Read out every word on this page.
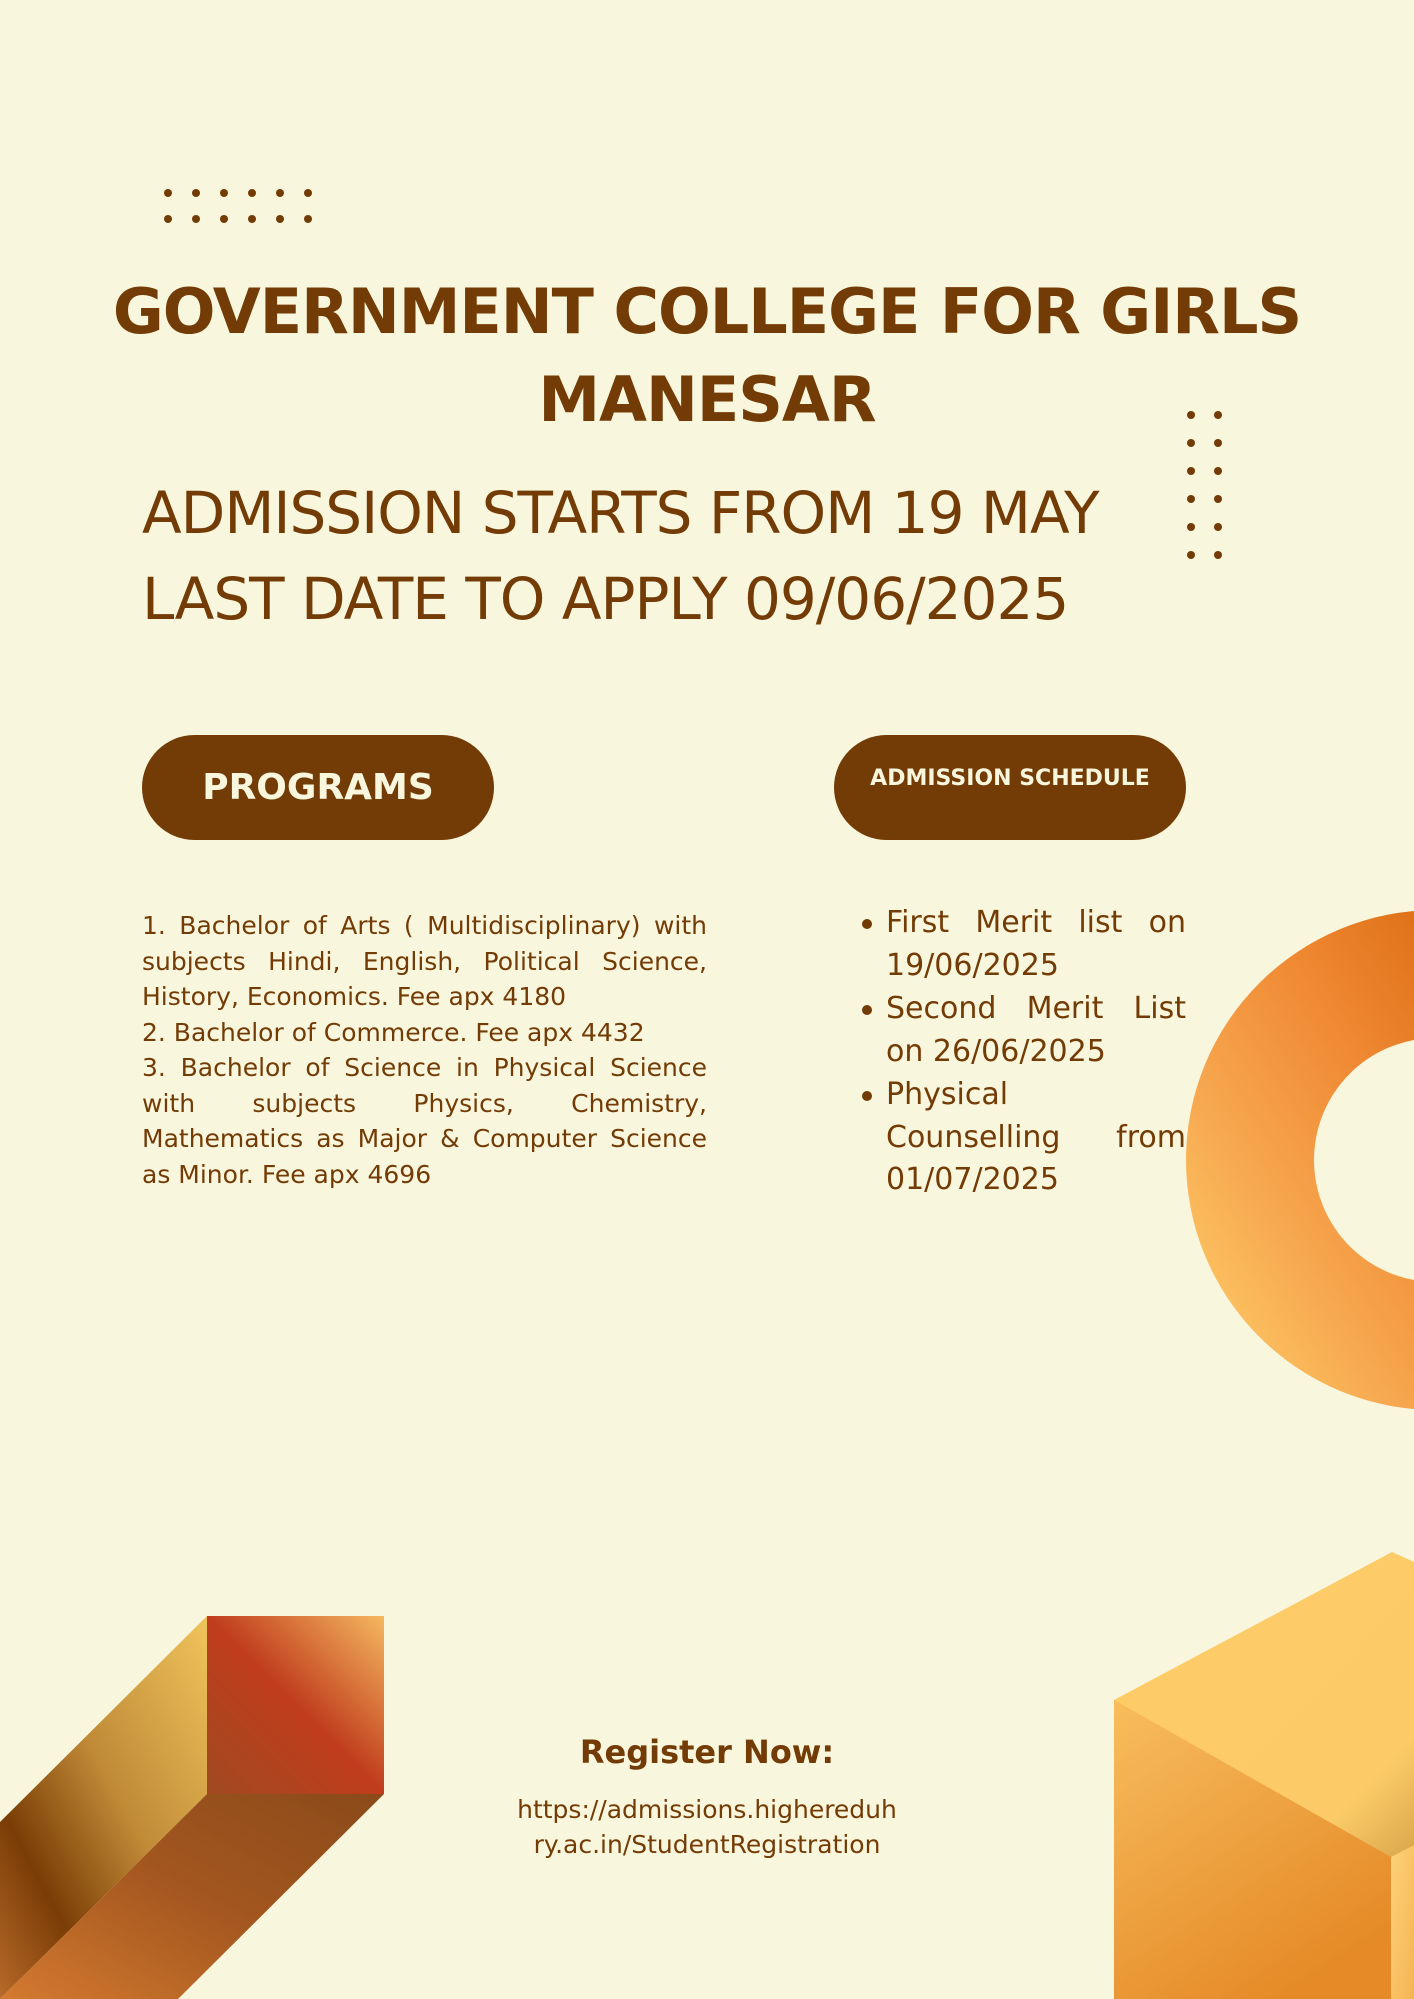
GOVERNMENT COLLEGE FOR GIRLS
MANESAR
ADMISSION STARTS FROM 19 MAY
LAST DATE TO APPLY 09/06/2025
PROGRAMS	ADMISSION SCHEDULE

1. Bachelor of Arts ( Multidisciplinary) with subjects Hindi, English, Political Science, History, Economics. Fee apx 4180

2. Bachelor of Commerce. Fee apx 4432

3. Bachelor of Science in Physical Science with subjects Physics, Chemistry, Mathematics as Major & Computer Science as Minor. Fee apx 4696

First Merit list on 19/06/2025
Second Merit List on 26/06/2025
Physical Counselling from 01/07/2025
Register Now:
https://admissions.highereduhry.ac.in/StudentRegistration
